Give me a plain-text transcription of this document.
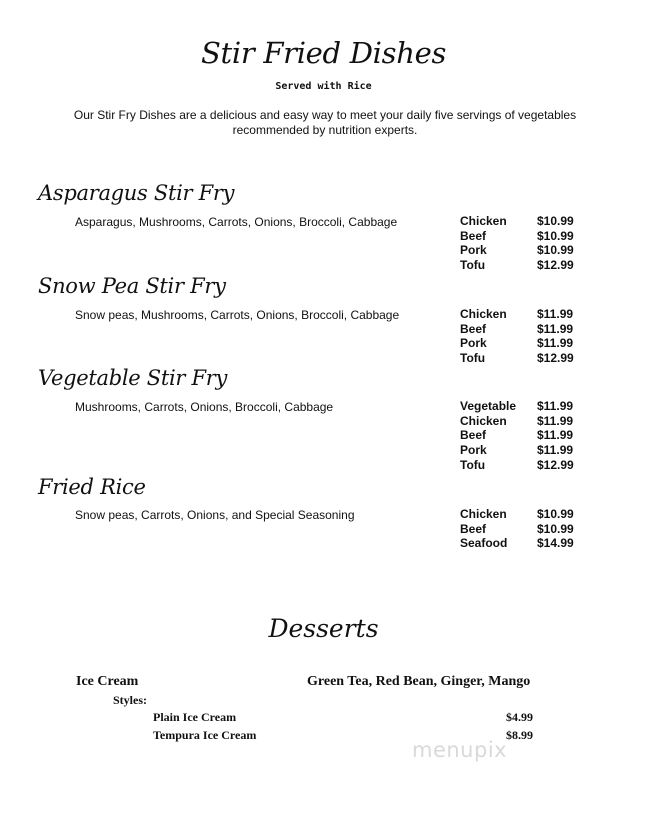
Stir Fried Dishes
Served with Rice
Our Stir Fry Dishes are a delicious and easy way to meet your daily five servings of vegetables recommended by nutrition experts.
Asparagus Stir Fry
Asparagus, Mushrooms, Carrots, Onions, Broccoli, Cabbage	Chicken	$10.99
Beef	$10.99
Pork	$10.99
Tofu	$12.99
Snow Pea Stir Fry
Snow peas, Mushrooms, Carrots, Onions, Broccoli, Cabbage	Chicken	$11.99
Beef	$11.99
Pork	$11.99
Tofu	$12.99
Vegetable Stir Fry
Mushrooms, Carrots, Onions, Broccoli, Cabbage	Vegetable	$11.99
Chicken	$11.99
Beef	$11.99
Pork	$11.99
Tofu	$12.99
Fried Rice
Snow peas, Carrots, Onions, and Special Seasoning	Chicken	$10.99
Beef	$10.99
Seafood	$14.99
Desserts
Ice Cream	Green Tea, Red Bean, Ginger, Mango
Styles:
Plain Ice Cream	$4.99
Tempura Ice Cream	$8.99
menupix
